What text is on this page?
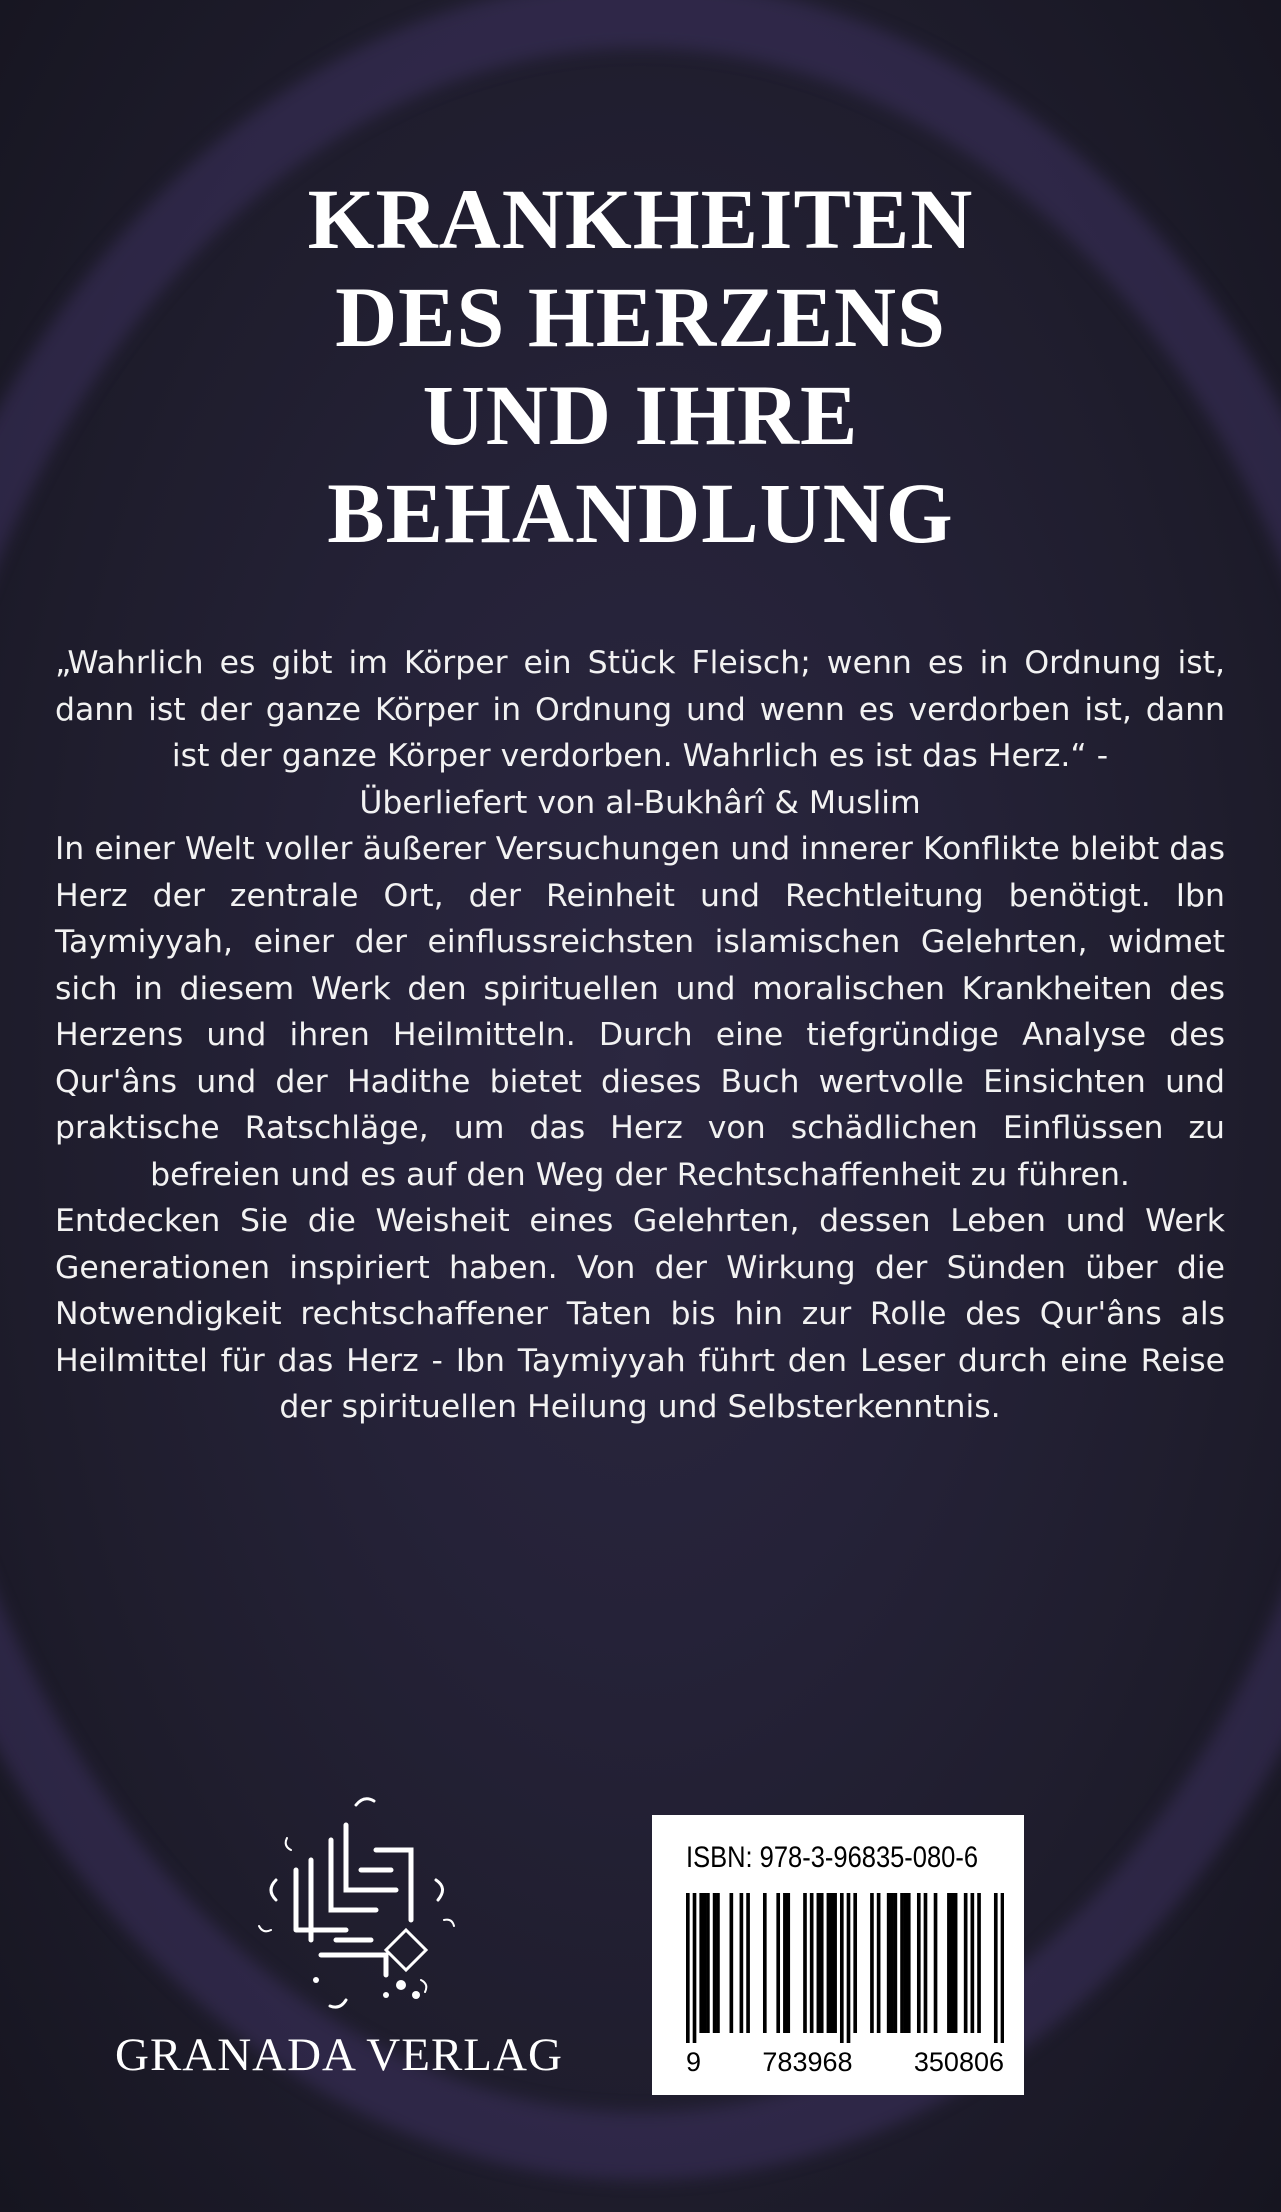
KRANKHEITEN
DES HERZENS
UND IHRE
BEHANDLUNG

„Wahrlich es gibt im Körper ein Stück Fleisch; wenn es in Ordnung ist, dann ist der ganze Körper in Ordnung und wenn es verdorben ist, dann ist der ganze Körper verdorben. Wahrlich es ist das Herz.“ -

Überliefert von al-Bukhârî & Muslim

In einer Welt voller äußerer Versuchungen und innerer Konflikte bleibt das Herz der zentrale Ort, der Reinheit und Rechtleitung benötigt. Ibn Taymiyyah, einer der einflussreichsten islamischen Gelehrten, widmet sich in diesem Werk den spirituellen und moralischen Krankheiten des Herzens und ihren Heilmitteln. Durch eine tiefgründige Analyse des Qur'âns und der Hadithe bietet dieses Buch wertvolle Einsichten und praktische Ratschläge, um das Herz von schädlichen Einflüssen zu befreien und es auf den Weg der Rechtschaffenheit zu führen.

Entdecken Sie die Weisheit eines Gelehrten, dessen Leben und Werk Generationen inspiriert haben. Von der Wirkung der Sünden über die Notwendigkeit rechtschaffener Taten bis hin zur Rolle des Qur'âns als Heilmittel für das Herz - Ibn Taymiyyah führt den Leser durch eine Reise der spirituellen Heilung und Selbsterkenntnis.

GRANADA VERLAG
ISBN: 978-3-96835-080-6
9 783968 350806
